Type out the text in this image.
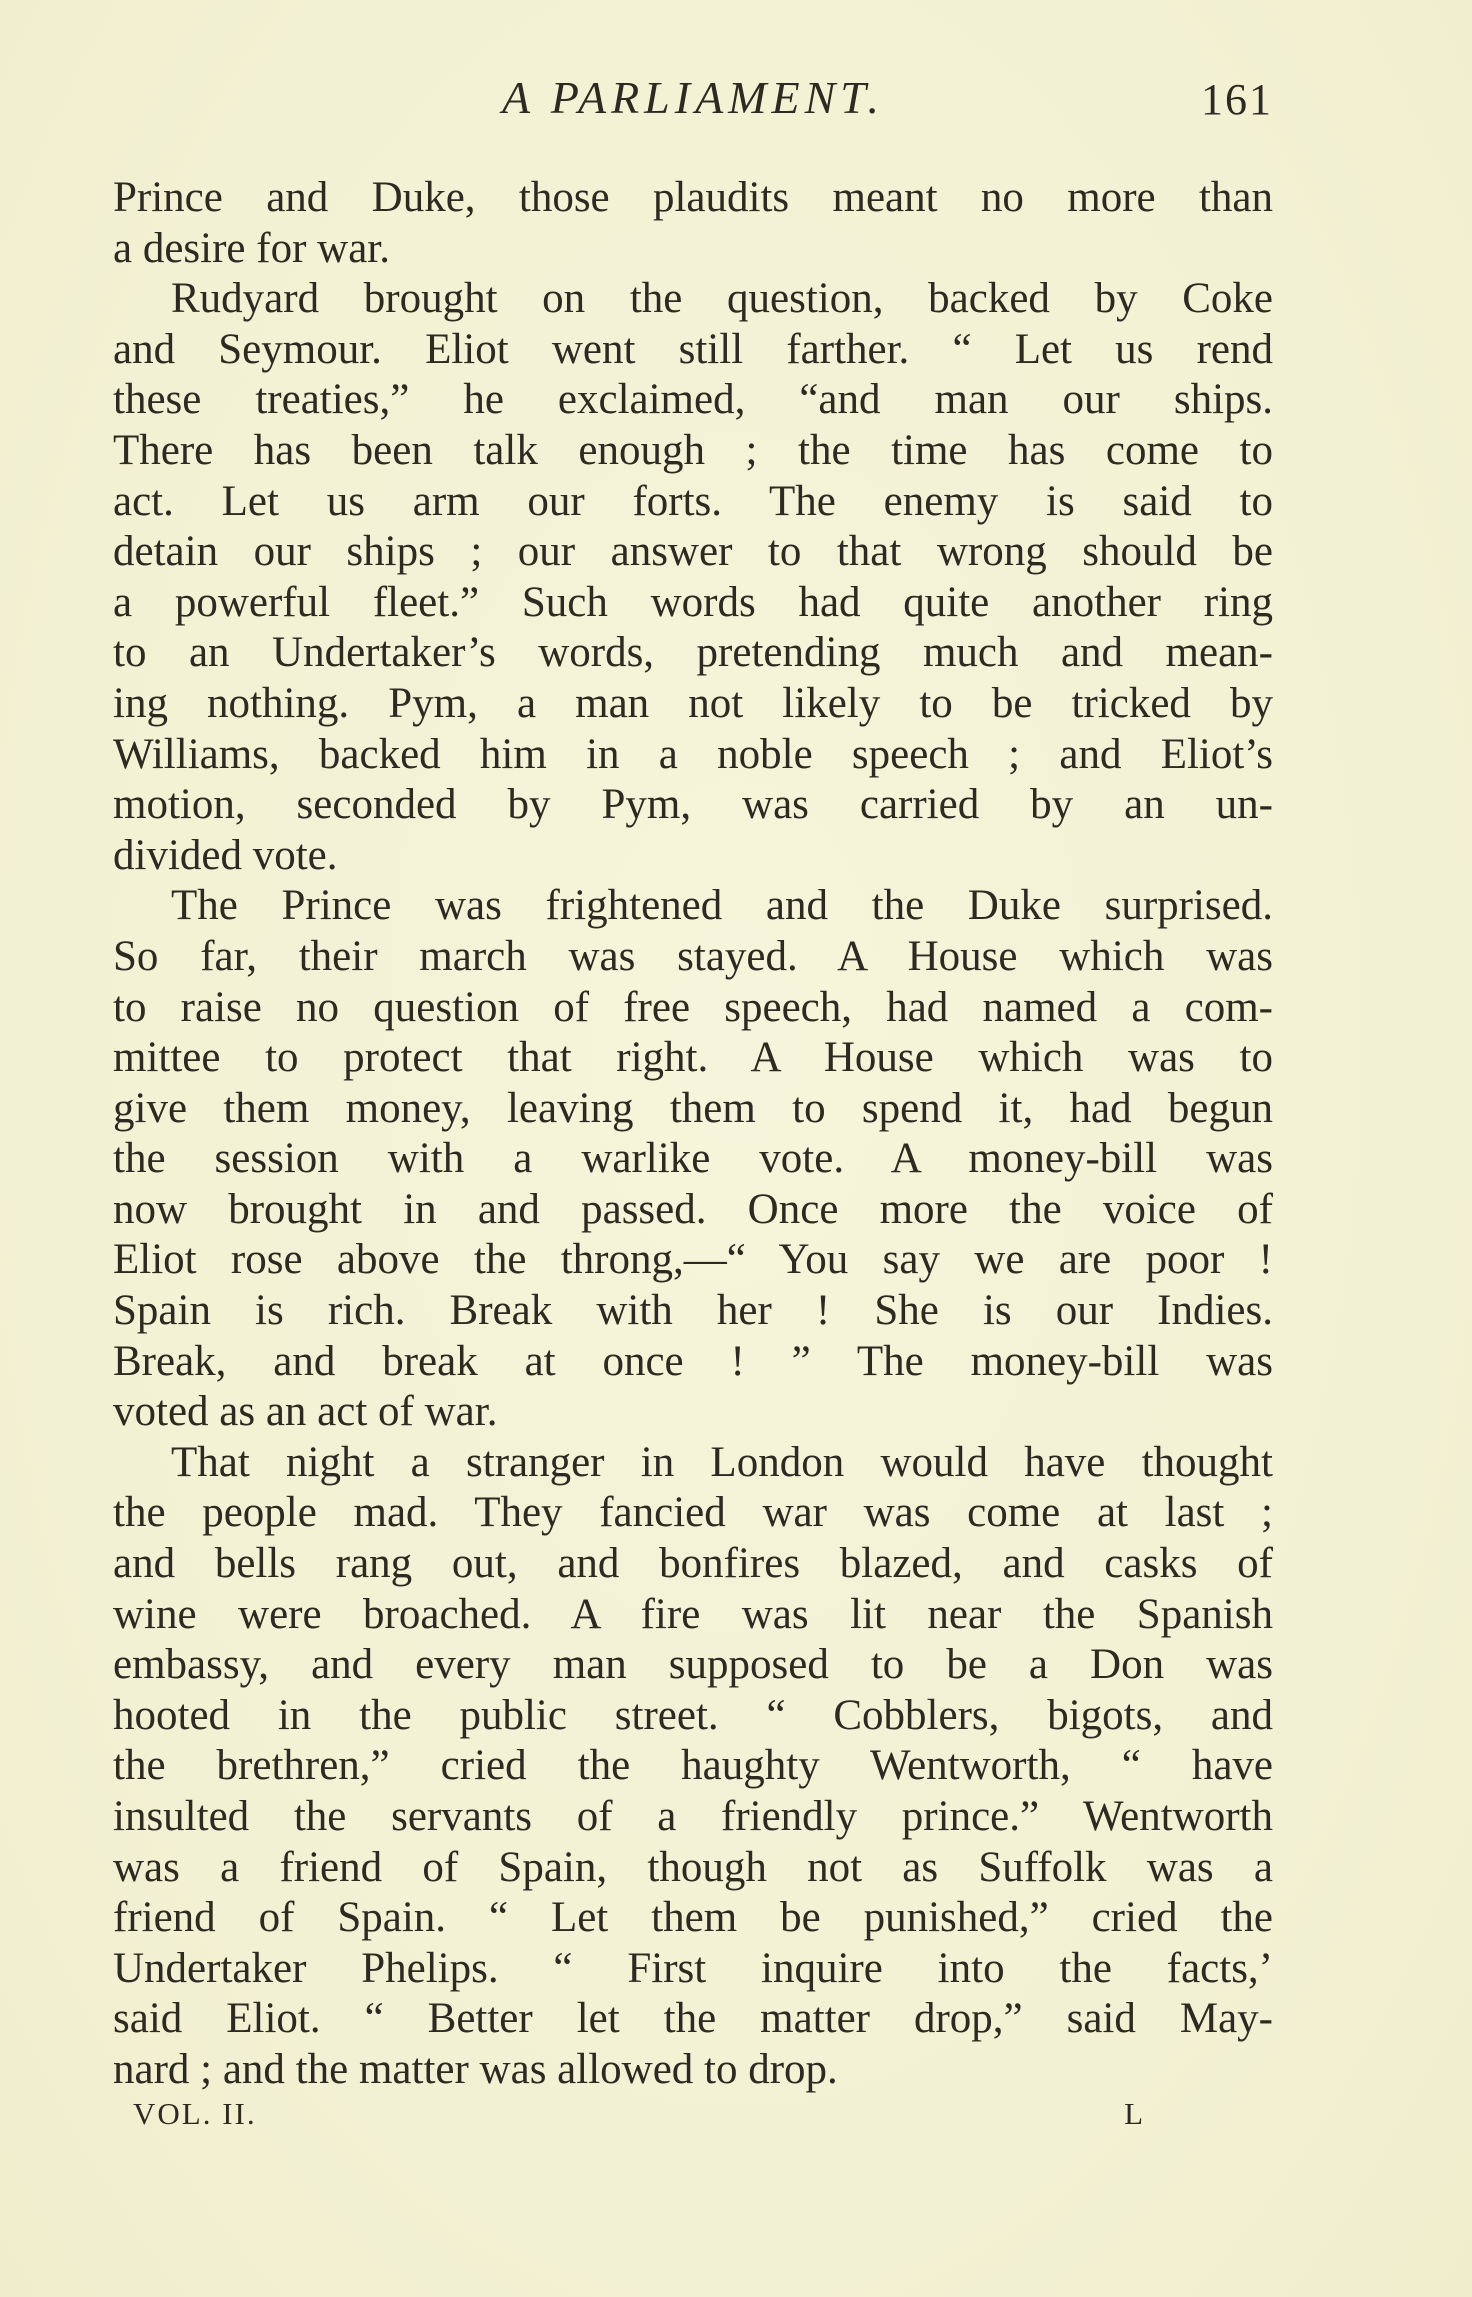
A PARLIAMENT.	161
Prince and Duke, those plaudits meant no more than
a desire for war.
Rudyard brought on the question, backed by Coke
and Seymour. Eliot went still farther. “ Let us rend
these treaties,” he exclaimed, “and man our ships.
There has been talk enough ; the time has come to
act. Let us arm our forts. The enemy is said to
detain our ships ; our answer to that wrong should be
a powerful fleet.” Such words had quite another ring
to an Undertaker’s words, pretending much and mean-
ing nothing. Pym, a man not likely to be tricked by
Williams, backed him in a noble speech ; and Eliot’s
motion, seconded by Pym, was carried by an un-
divided vote.
The Prince was frightened and the Duke surprised.
So far, their march was stayed. A House which was
to raise no question of free speech, had named a com-
mittee to protect that right. A House which was to
give them money, leaving them to spend it, had begun
the session with a warlike vote. A money-bill was
now brought in and passed. Once more the voice of
Eliot rose above the throng,—“ You say we are poor !
Spain is rich. Break with her ! She is our Indies.
Break, and break at once ! ” The money-bill was
voted as an act of war.
That night a stranger in London would have thought
the people mad. They fancied war was come at last ;
and bells rang out, and bonfires blazed, and casks of
wine were broached. A fire was lit near the Spanish
embassy, and every man supposed to be a Don was
hooted in the public street. “ Cobblers, bigots, and
the brethren,” cried the haughty Wentworth, “ have
insulted the servants of a friendly prince.” Wentworth
was a friend of Spain, though not as Suffolk was a
friend of Spain. “ Let them be punished,” cried the
Undertaker Phelips. “ First inquire into the facts,’
said Eliot. “ Better let the matter drop,” said May-
nard ; and the matter was allowed to drop.
VOL. II.	L
